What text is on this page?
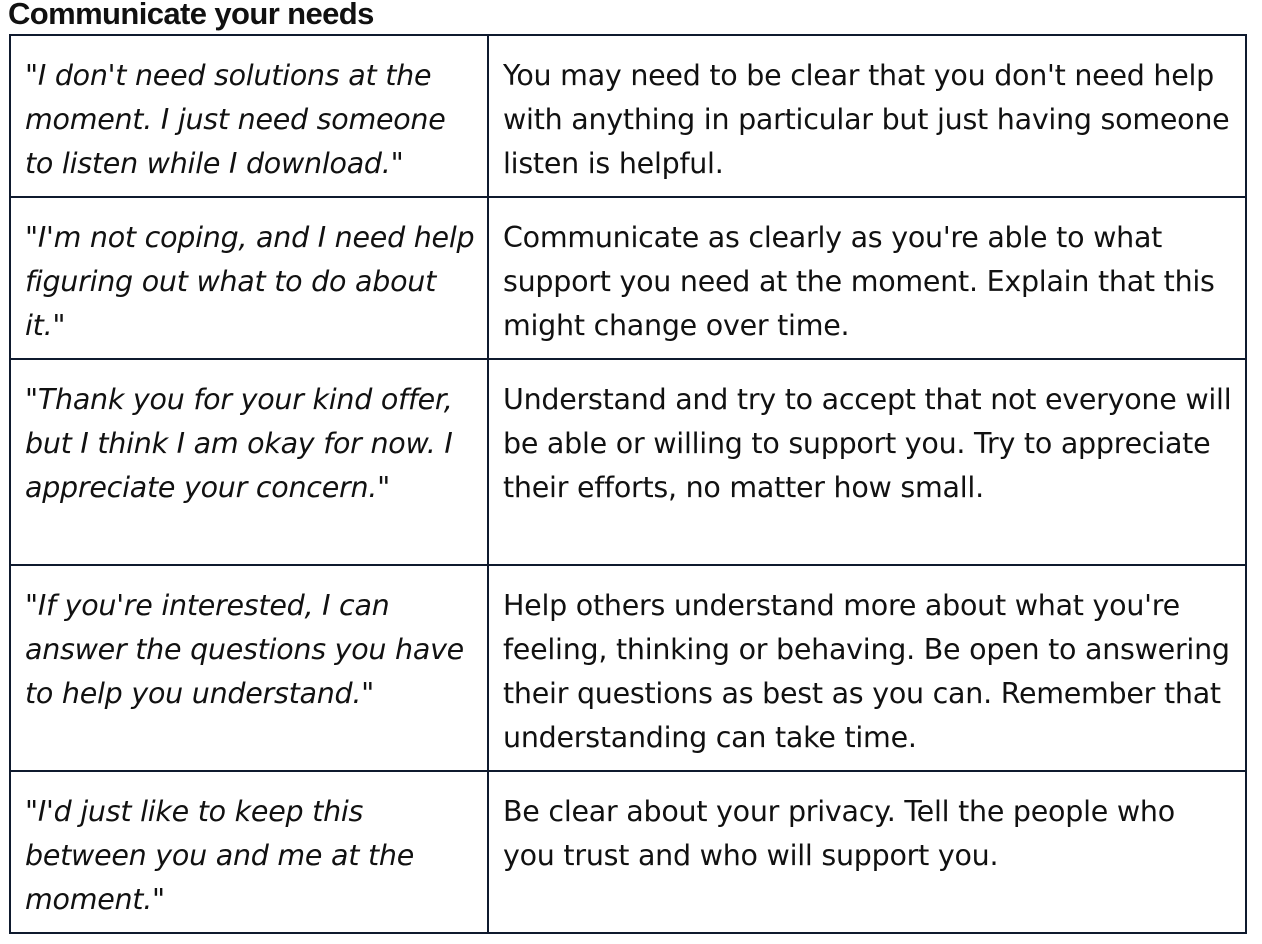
Communicate your needs
"I don't need solutions at the moment. I just need someone to listen while I download."	You may need to be clear that you don't need help with anything in particular but just having someone listen is helpful.

"I'm not coping, and I need help figuring out what to do about it."	Communicate as clearly as you're able to what support you need at the moment. Explain that this might change over time.

"Thank you for your kind offer, but I think I am okay for now. I appreciate your concern."	Understand and try to accept that not everyone will be able or willing to support you. Try to appreciate their efforts, no matter how small.

"If you're interested, I can answer the questions you have to help you understand."	Help others understand more about what you're feeling, thinking or behaving. Be open to answering their questions as best as you can. Remember that understanding can take time.

"I'd just like to keep this between you and me at the moment."	Be clear about your privacy. Tell the people who you trust and who will support you.
